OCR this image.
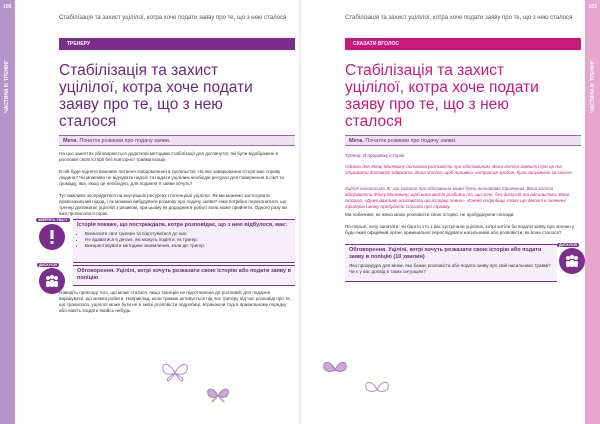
100
ЧАСТИНА II: ТРЕНІНГ
101
ЧАСТИНА II: ТРЕНІНГ
Стабілізація та захист уцілілої, котра хоче подати заяву про те, що з нею сталося
ТРЕНЕРУ
Стабілізація та захист уцілілої, котра хоче подати заяву про те, що з нею сталося
Мета. Початок розмови про подачу заяви.
На цьо заняттях обговорюється додаткові методики стабілізації для доглянутої, які були відображені в ролловій своїх історії без повторної травматизації.
В ній буде підняте важливе питання повідомлення в суспільстві. На яке заварювання історії має справу людина? Чи можливо не відчувати недолі та надати уцілілим необхідні ресурси для повернення в сім'ї та громаду, яка, якщо це необхідно, для подання її заяви хочуть?
Тут важливо зосередитися на внутрішніх ресурсах і потенціалі уцілілої. Як ми можемо застосувати правозахисний підхід, і як можемо вибудувати розмову про подачу заяви? Нам потрібно переконатися, що тренер допомагає уцілілій з ризиком, при цьому як дорадник в роботі вона може прийняти. Одного разу ви вже прописали історію.
ЗВЕРНІТЬ УВАГУ
Історія покаже, що постраждала, котра розповідає, що з нею відбулося, має:
• Визначити свої тригери та підготуватися до них;
• Не вдаватися в деталі, які можуть подіяти, як тригер;
• Використовувати методики заземлення, коли діє тригер.
ДИСКУСІЯ
Обговорення. Уцілілі, котрі хочуть розказати свою історію або подати заяву в поліцію
Наведіть прикладі того, що може статися, якщо тригерів не підготовлена до ролловій; для подання вирішувати, що можна робити. Наприклад, коли травма активується під час тригеру під час розповіді про те, що трапилося, уцілілої може бути не в змозі розповісти подробиці, втрачаючи тоді в правильному порядку або навіть згадати якийсь-небудь.
Стабілізація та захист уцілілої, котра хоче подати заяву про те, що з нею сталося
СКАЗАТИ ВГОЛОС
Стабілізація та захист уцілілої, котра хоче подати заяву про те, що з нею сталося
Мета. Початок розмови про подачу заяви.
Тренер. Я продовжу історію.
Одного дня Жінці Малевину допомога розповісти про обставинам. Вона хотіла заявити про це та отримати допомогу адвоката. Вона хотіла, щоб чоловіка, котрий це зробив, було засуджено за скоєне.
Уцілілі наголосила Ж: що сказано про обставини може бути незнайомо тригерам. Вона хотіла відправляти Жінку Малевину, щоб вона могла розбити та, що хоче, без дискусій та насильства. Вона сказала: «Дуже важливо розповісти цю історію певна». Кожній подробиці, тому що деталі в значенні тригерів і можу пробудити спогади про травму.
Ми побачимо, як жінка може розповісти свою історію, не пробуджуючи спогади.
По-перше, хочу запитати: чи багато хто з вас зустрічали уцілілих, котрі хотіли би подати заяву про злочин у будь-який офіційний орган, кримінально переслідувати насильників або розповісти, як вона сталося?
Обговорення. Уцілілі, котрі хочуть розказати свою історію або подати заяву в поліцію (10 хвилин)
Яка процедура для жінки, яка бажає розповісти або подати заяву про свій насильнико травмі? Чи є у вас досвід в таких ситуаціях?
ДИСКУСІЯ
